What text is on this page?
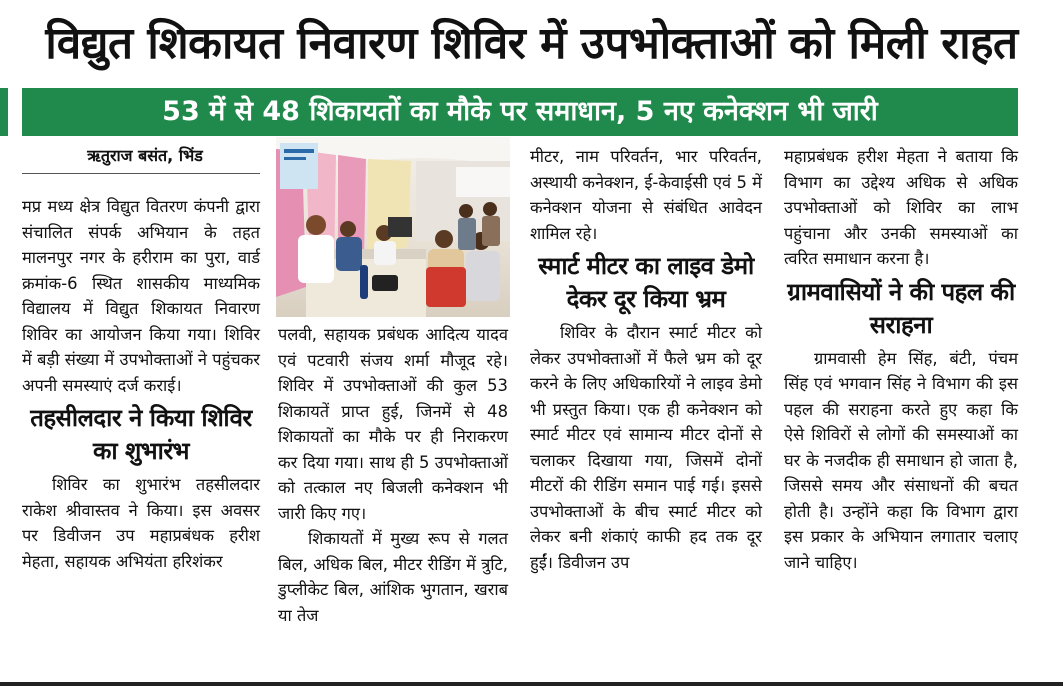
विद्युत शिकायत निवारण शिविर में उपभोक्ताओं को मिली राहत
53 में से 48 शिकायतों का मौके पर समाधान, 5 नए कनेक्शन भी जारी
ऋतुराज बसंत, भिंड

मप्र मध्य क्षेत्र विद्युत वितरण कंपनी द्वारा संचालित संपर्क अभियान के तहत मालनपुर नगर के हरीराम का पुरा, वार्ड क्रमांक-6 स्थित शासकीय माध्यमिक विद्यालय में विद्युत शिकायत निवारण शिविर का आयोजन किया गया। शिविर में बड़ी संख्या में उपभोक्ताओं ने पहुंचकर अपनी समस्याएं दर्ज कराई।

तहसीलदार ने किया शिविर का शुभारंभ

शिविर का शुभारंभ तहसीलदार राकेश श्रीवास्तव ने किया। इस अवसर पर डिवीजन उप महाप्रबंधक हरीश मेहता, सहायक अभियंता हरिशंकर

पलवी, सहायक प्रबंधक आदित्य यादव एवं पटवारी संजय शर्मा मौजूद रहे। शिविर में उपभोक्ताओं की कुल 53 शिकायतें प्राप्त हुई, जिनमें से 48 शिकायतों का मौके पर ही निराकरण कर दिया गया। साथ ही 5 उपभोक्ताओं को तत्काल नए बिजली कनेक्शन भी जारी किए गए।

शिकायतों में मुख्य रूप से गलत बिल, अधिक बिल, मीटर रीडिंग में त्रुटि, डुप्लीकेट बिल, आंशिक भुगतान, खराब या तेज

मीटर, नाम परिवर्तन, भार परिवर्तन, अस्थायी कनेक्शन, ई-केवाईसी एवं 5 में कनेक्शन योजना से संबंधित आवेदन शामिल रहे।

स्मार्ट मीटर का लाइव डेमो देकर दूर किया भ्रम

शिविर के दौरान स्मार्ट मीटर को लेकर उपभोक्ताओं में फैले भ्रम को दूर करने के लिए अधिकारियों ने लाइव डेमो भी प्रस्तुत किया। एक ही कनेक्शन को स्मार्ट मीटर एवं सामान्य मीटर दोनों से चलाकर दिखाया गया, जिसमें दोनों मीटरों की रीडिंग समान पाई गई। इससे उपभोक्ताओं के बीच स्मार्ट मीटर को लेकर बनी शंकाएं काफी हद तक दूर हुईं। डिवीजन उप

महाप्रबंधक हरीश मेहता ने बताया कि विभाग का उद्देश्य अधिक से अधिक उपभोक्ताओं को शिविर का लाभ पहुंचाना और उनकी समस्याओं का त्वरित समाधान करना है।

ग्रामवासियों ने की पहल की सराहना

ग्रामवासी हेम सिंह, बंटी, पंचम सिंह एवं भगवान सिंह ने विभाग की इस पहल की सराहना करते हुए कहा कि ऐसे शिविरों से लोगों की समस्याओं का घर के नजदीक ही समाधान हो जाता है, जिससे समय और संसाधनों की बचत होती है। उन्होंने कहा कि विभाग द्वारा इस प्रकार के अभियान लगातार चलाए जाने चाहिए।
